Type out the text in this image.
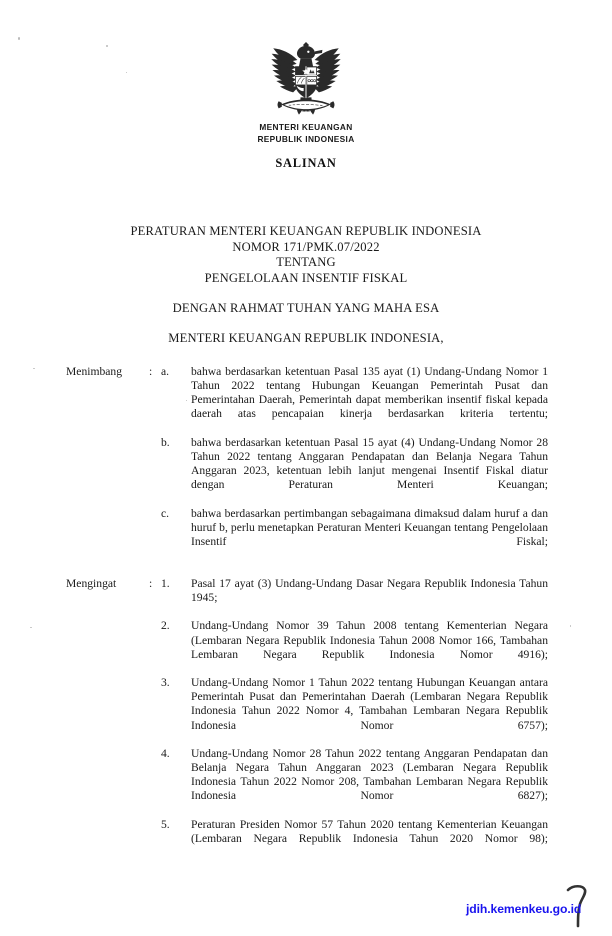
MENTERI KEUANGAN
REPUBLIK INDONESIA
SALINAN
PERATURAN MENTERI KEUANGAN REPUBLIK INDONESIA
NOMOR 171/PMK.07/2022
TENTANG
PENGELOLAAN INSENTIF FISKAL
DENGAN RAHMAT TUHAN YANG MAHA ESA
MENTERI KEUANGAN REPUBLIK INDONESIA,
Menimbang	: a.	bahwa berdasarkan ketentuan Pasal 135 ayat (1) Undang-Undang Nomor 1 Tahun 2022 tentang Hubungan Keuangan Pemerintah Pusat dan Pemerintahan Daerah, Pemerintah dapat memberikan insentif fiskal kepada daerah atas pencapaian kinerja berdasarkan kriteria tertentu;
b.	bahwa berdasarkan ketentuan Pasal 15 ayat (4) Undang-Undang Nomor 28 Tahun 2022 tentang Anggaran Pendapatan dan Belanja Negara Tahun Anggaran 2023, ketentuan lebih lanjut mengenai Insentif Fiskal diatur dengan Peraturan Menteri Keuangan;
c.	bahwa berdasarkan pertimbangan sebagaimana dimaksud dalam huruf a dan huruf b, perlu menetapkan Peraturan Menteri Keuangan tentang Pengelolaan Insentif Fiskal;
Mengingat	: 1.	Pasal 17 ayat (3) Undang-Undang Dasar Negara Republik Indonesia Tahun 1945;
2.	Undang-Undang Nomor 39 Tahun 2008 tentang Kementerian Negara (Lembaran Negara Republik Indonesia Tahun 2008 Nomor 166, Tambahan Lembaran Negara Republik Indonesia Nomor 4916);
3.	Undang-Undang Nomor 1 Tahun 2022 tentang Hubungan Keuangan antara Pemerintah Pusat dan Pemerintahan Daerah (Lembaran Negara Republik Indonesia Tahun 2022 Nomor 4, Tambahan Lembaran Negara Republik Indonesia Nomor 6757);
4.	Undang-Undang Nomor 28 Tahun 2022 tentang Anggaran Pendapatan dan Belanja Negara Tahun Anggaran 2023 (Lembaran Negara Republik Indonesia Tahun 2022 Nomor 208, Tambahan Lembaran Negara Republik Indonesia Nomor 6827);
5.	Peraturan Presiden Nomor 57 Tahun 2020 tentang Kementerian Keuangan (Lembaran Negara Republik Indonesia Tahun 2020 Nomor 98);
jdih.kemenkeu.go.id
